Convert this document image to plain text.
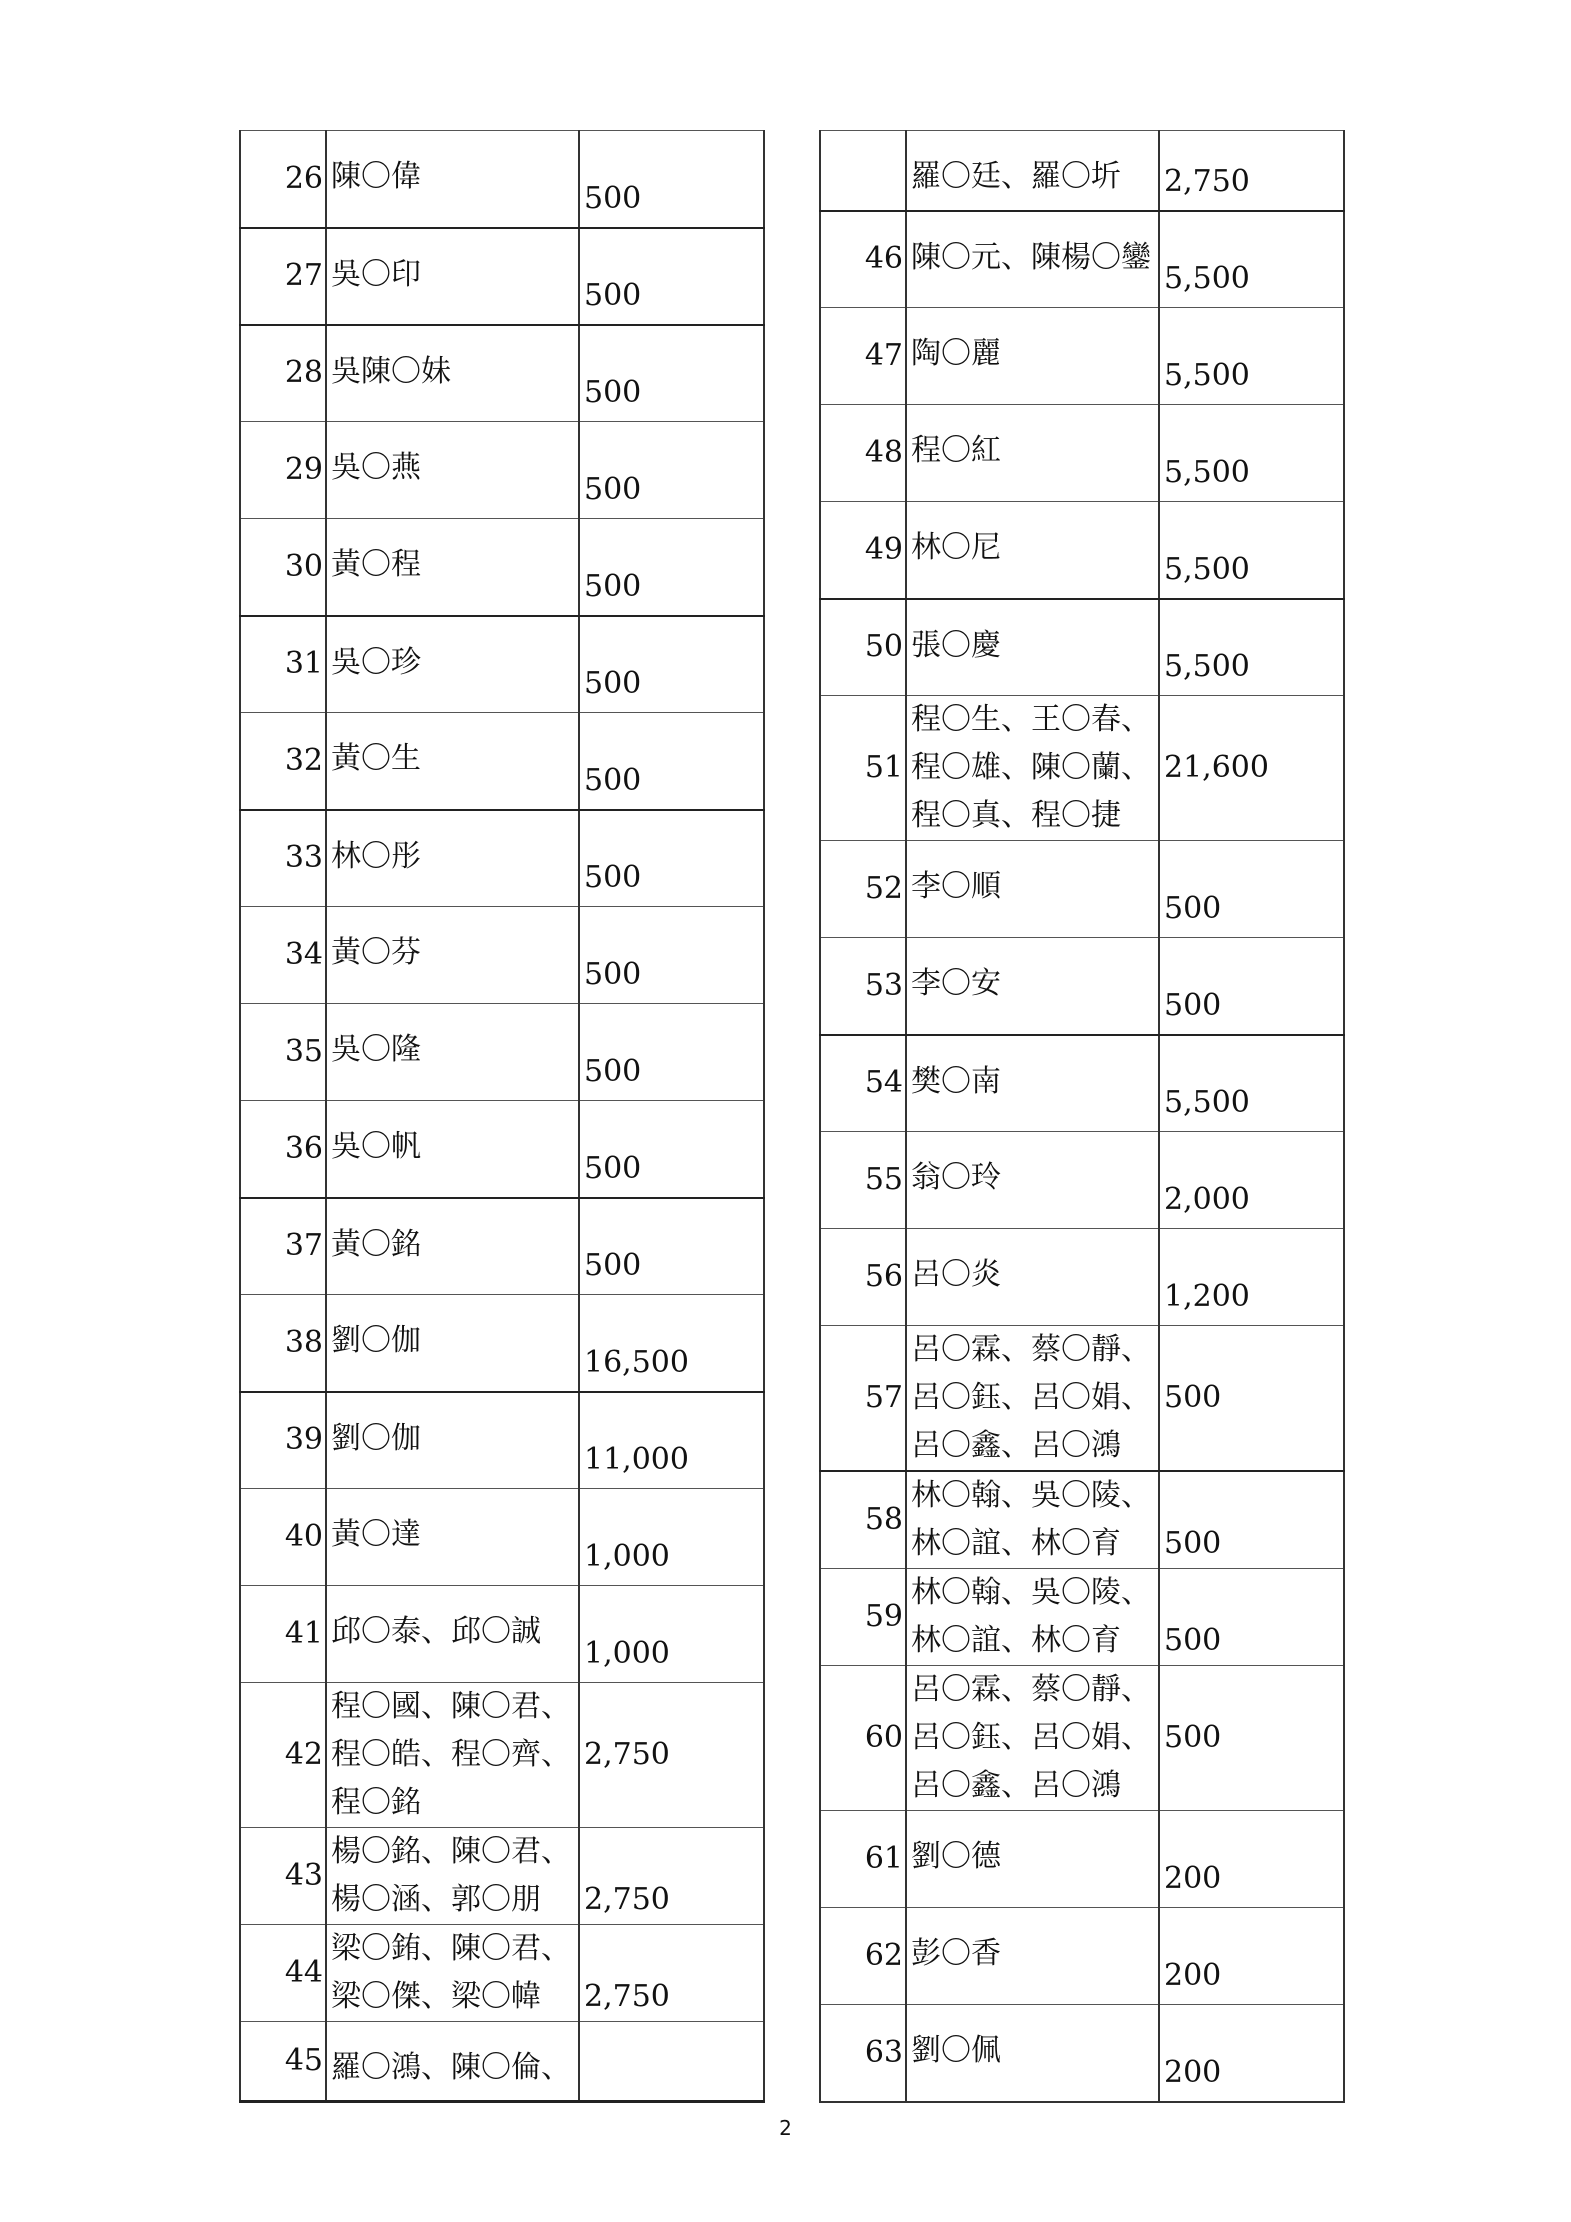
26	陳〇偉	500
27	吳〇印	500
28	吳陳〇妹	500
29	吳〇燕	500
30	黃〇程	500
31	吳〇珍	500
32	黃〇生	500
33	林〇彤	500
34	黃〇芬	500
35	吳〇隆	500
36	吳〇帆	500
37	黃〇銘	500
38	劉〇伽	16,500
39	劉〇伽	11,000
40	黃〇達	1,000
41	邱〇泰、邱〇誠	1,000
42	程〇國、陳〇君、
程〇皓、程〇齊、
程〇銘	2,750
43	楊〇銘、陳〇君、
楊〇涵、郭〇朋	2,750
44	梁〇銪、陳〇君、
梁〇傑、梁〇幃	2,750
45	羅〇鴻、陳〇倫、	

	羅〇廷、羅〇圻	2,750
46	陳〇元、陳楊〇鑾	5,500
47	陶〇麗	5,500
48	程〇紅	5,500
49	林〇尼	5,500
50	張〇慶	5,500
51	程〇生、王〇春、
程〇雄、陳〇蘭、
程〇真、程〇捷	21,600
52	李〇順	500
53	李〇安	500
54	樊〇南	5,500
55	翁〇玲	2,000
56	呂〇炎	1,200
57	呂〇霖、蔡〇靜、
呂〇鈺、呂〇娟、
呂〇鑫、呂〇鴻	500
58	林〇翰、吳〇陵、
林〇誼、林〇育	500
59	林〇翰、吳〇陵、
林〇誼、林〇育	500
60	呂〇霖、蔡〇靜、
呂〇鈺、呂〇娟、
呂〇鑫、呂〇鴻	500
61	劉〇德	200
62	彭〇香	200
63	劉〇佩	200
2
